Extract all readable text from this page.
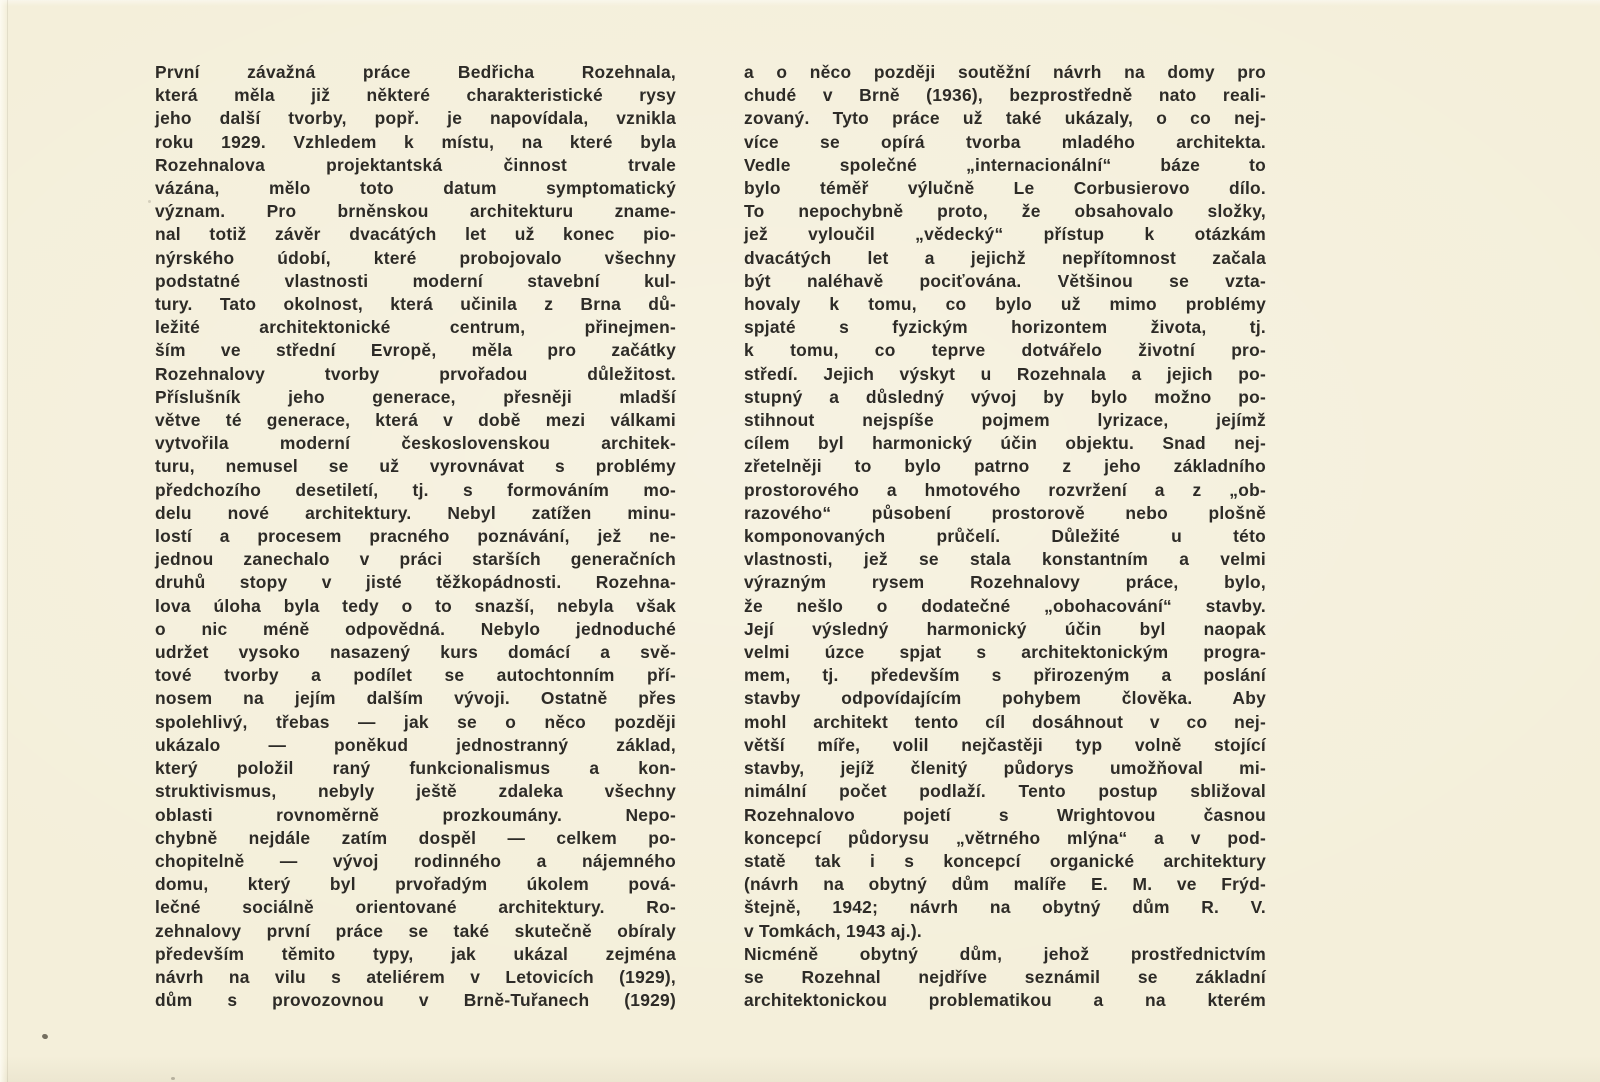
První závažná práce Bedřicha Rozehnala,
která měla již některé charakteristické rysy
jeho další tvorby, popř. je napovídala, vznikla
roku 1929. Vzhledem k místu, na které byla
Rozehnalova projektantská činnost trvale
vázána, mělo toto datum symptomatický
význam. Pro brněnskou architekturu zname-
nal totiž závěr dvacátých let už konec pio-
nýrského údobí, které probojovalo všechny
podstatné vlastnosti moderní stavební kul-
tury. Tato okolnost, která učinila z Brna dů-
ležité architektonické centrum, přinejmen-
ším ve střední Evropě, měla pro začátky
Rozehnalovy tvorby prvořadou důležitost.
Příslušník jeho generace, přesněji mladší
větve té generace, která v době mezi válkami
vytvořila moderní československou architek-
turu, nemusel se už vyrovnávat s problémy
předchozího desetiletí, tj. s formováním mo-
delu nové architektury. Nebyl zatížen minu-
lostí a procesem pracného poznávání, jež ne-
jednou zanechalo v práci starších generačních
druhů stopy v jisté těžkopádnosti. Rozehna-
lova úloha byla tedy o to snazší, nebyla však
o nic méně odpovědná. Nebylo jednoduché
udržet vysoko nasazený kurs domácí a svě-
tové tvorby a podílet se autochtonním pří-
nosem na jejím dalším vývoji. Ostatně přes
spolehlivý, třebas — jak se o něco později
ukázalo — poněkud jednostranný základ,
který položil raný funkcionalismus a kon-
struktivismus, nebyly ještě zdaleka všechny
oblasti rovnoměrně prozkoumány. Nepo-
chybně nejdále zatím dospěl — celkem po-
chopitelně — vývoj rodinného a nájemného
domu, který byl prvořadým úkolem pová-
lečné sociálně orientované architektury. Ro-
zehnalovy první práce se také skutečně obíraly
především těmito typy, jak ukázal zejména
návrh na vilu s ateliérem v Letovicích (1929),
dům s provozovnou v Brně-Tuřanech (1929)
a o něco později soutěžní návrh na domy pro
chudé v Brně (1936), bezprostředně nato reali-
zovaný. Tyto práce už také ukázaly, o co nej-
více se opírá tvorba mladého architekta.
Vedle společné „internacionální“ báze to
bylo téměř výlučně Le Corbusierovo dílo.
To nepochybně proto, že obsahovalo složky,
jež vyloučil „vědecký“ přístup k otázkám
dvacátých let a jejichž nepřítomnost začala
být naléhavě pociťována. Většinou se vzta-
hovaly k tomu, co bylo už mimo problémy
spjaté s fyzickým horizontem života, tj.
k tomu, co teprve dotvářelo životní pro-
středí. Jejich výskyt u Rozehnala a jejich po-
stupný a důsledný vývoj by bylo možno po-
stihnout nejspíše pojmem lyrizace, jejímž
cílem byl harmonický účin objektu. Snad nej-
zřetelněji to bylo patrno z jeho základního
prostorového a hmotového rozvržení a z „ob-
razového“ působení prostorově nebo plošně
komponovaných průčelí. Důležité u této
vlastnosti, jež se stala konstantním a velmi
výrazným rysem Rozehnalovy práce, bylo,
že nešlo o dodatečné „obohacování“ stavby.
Její výsledný harmonický účin byl naopak
velmi úzce spjat s architektonickým progra-
mem, tj. především s přirozeným a poslání
stavby odpovídajícím pohybem člověka. Aby
mohl architekt tento cíl dosáhnout v co nej-
větší míře, volil nejčastěji typ volně stojící
stavby, jejíž členitý půdorys umožňoval mi-
nimální počet podlaží. Tento postup sbližoval
Rozehnalovo pojetí s Wrightovou časnou
koncepcí půdorysu „větrného mlýna“ a v pod-
statě tak i s koncepcí organické architektury
(návrh na obytný dům malíře E. M. ve Frýd-
štejně, 1942; návrh na obytný dům R. V.
v Tomkách, 1943 aj.).
Nicméně obytný dům, jehož prostřednictvím
se Rozehnal nejdříve seznámil se základní
architektonickou problematikou a na kterém
